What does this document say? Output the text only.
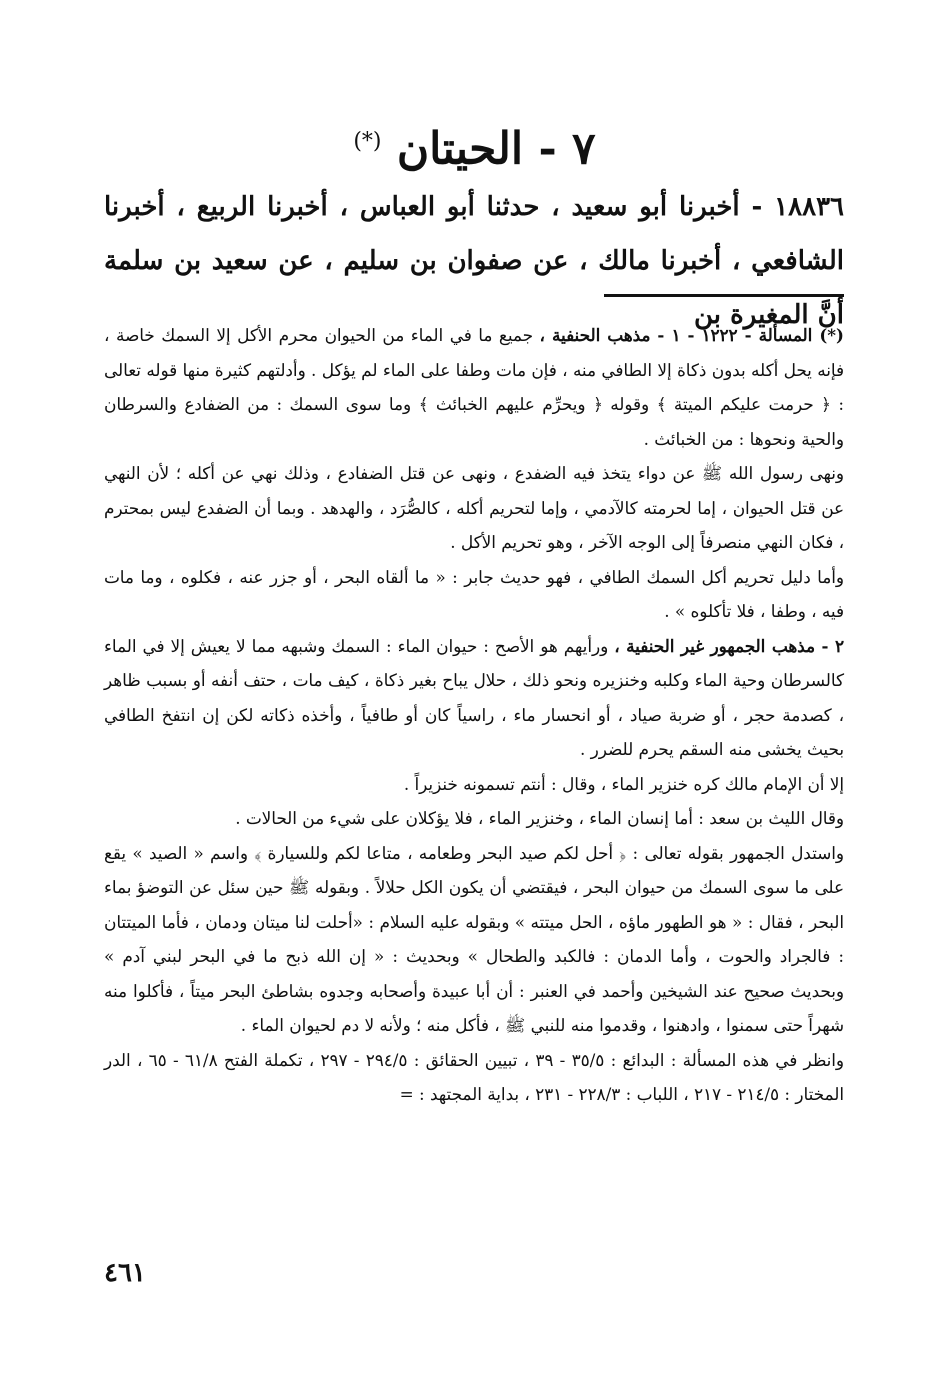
٧ - الحيتان (*)
١٨٨٣٦ - أخبرنا أبو سعيد ، حدثنا أبو العباس ، أخبرنا الربيع ، أخبرنا الشافعي ، أخبرنا مالك ، عن صفوان بن سليم ، عن سعيد بن سلمة أنَّ المغيرة بن

(*) المسألة - ١٢٢٢ - ١ - مذهب الحنفية ، جميع ما في الماء من الحيوان محرم الأكل إلا السمك خاصة ، فإنه يحل أكله بدون ذكاة إلا الطافي منه ، فإن مات وطفا على الماء لم يؤكل . وأدلتهم كثيرة منها قوله تعالى : ﴿ حرمت عليكم الميتة ﴾ وقوله ﴿ ويحرِّم عليهم الخبائث ﴾ وما سوى السمك : من الضفادع والسرطان والحية ونحوها : من الخبائث .

ونهى رسول الله ﷺ عن دواء يتخذ فيه الضفدع ، ونهى عن قتل الضفادع ، وذلك نهي عن أكله ؛ لأن النهي عن قتل الحيوان ، إما لحرمته كالآدمي ، وإما لتحريم أكله ، كالصُّرَد ، والهدهد . وبما أن الضفدع ليس بمحترم ، فكان النهي منصرفاً إلى الوجه الآخر ، وهو تحريم الأكل .

وأما دليل تحريم أكل السمك الطافي ، فهو حديث جابر : « ما ألقاه البحر ، أو جزر عنه ، فكلوه ، وما مات فيه ، وطفا ، فلا تأكلوه » .

٢ - مذهب الجمهور غير الحنفية ، ورأيهم هو الأصح : حيوان الماء : السمك وشبهه مما لا يعيش إلا في الماء كالسرطان وحية الماء وكلبه وخنزيره ونحو ذلك ، حلال يباح بغير ذكاة ، كيف مات ، حتف أنفه أو بسبب ظاهر ، كصدمة حجر ، أو ضربة صياد ، أو انحسار ماء ، راسياً كان أو طافياً ، وأخذه ذكاته لكن إن انتفخ الطافي بحيث يخشى منه السقم يحرم للضرر .

إلا أن الإمام مالك كره خنزير الماء ، وقال : أنتم تسمونه خنزيراً .

وقال الليث بن سعد : أما إنسان الماء ، وخنزير الماء ، فلا يؤكلان على شيء من الحالات .

واستدل الجمهور بقوله تعالى : ﴿ أحل لكم صيد البحر وطعامه ، متاعا لكم وللسيارة ﴾ واسم « الصيد » يقع على ما سوى السمك من حيوان البحر ، فيقتضي أن يكون الكل حلالاً . وبقوله ﷺ حين سئل عن التوضؤ بماء البحر ، فقال : « هو الطهور ماؤه ، الحل ميتته » وبقوله عليه السلام : «أحلت لنا ميتان ودمان ، فأما الميتتان : فالجراد والحوت ، وأما الدمان : فالكبد والطحال » وبحديث : « إن الله ذبح ما في البحر لبني آدم » وبحديث صحيح عند الشيخين وأحمد في العنبر : أن أبا عبيدة وأصحابه وجدوه بشاطئ البحر ميتاً ، فأكلوا منه شهراً حتى سمنوا ، وادهنوا ، وقدموا منه للنبي ﷺ ، فأكل منه ؛ ولأنه لا دم لحيوان الماء .

وانظر في هذه المسألة : البدائع : ٣٥/٥ - ٣٩ ، تبيين الحقائق : ٢٩٤/٥ - ٢٩٧ ، تكملة الفتح ٦١/٨ - ٦٥ ، الدر المختار : ٢١٤/٥ - ٢١٧ ، اللباب : ٢٢٨/٣ - ٢٣١ ، بداية المجتهد : =

٤٦١
